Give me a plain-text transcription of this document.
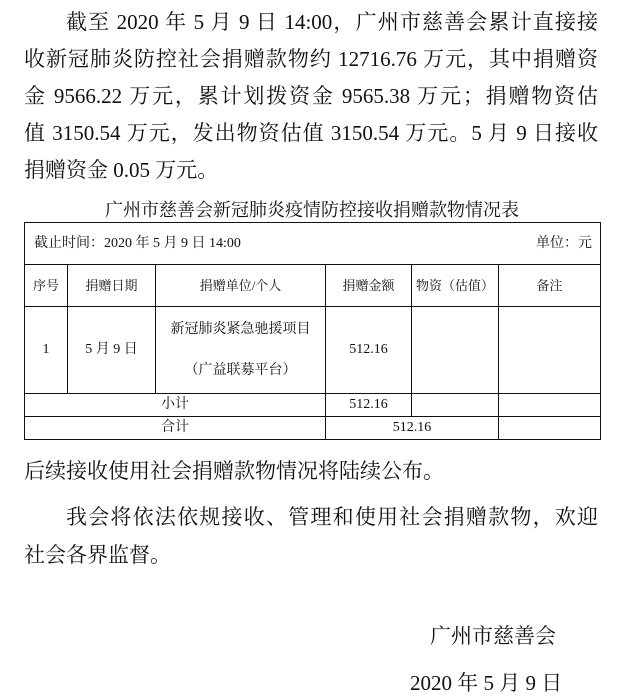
截至 2020 年 5 月 9 日 14:00，广州市慈善会累计直接接
收新冠肺炎防控社会捐赠款物约 12716.76 万元，其中捐赠资
金 9566.22 万元，累计划拨资金 9565.38 万元；捐赠物资估
值 3150.54 万元，发出物资估值 3150.54 万元。5 月 9 日接收
捐赠资金 0.05 万元。
广州市慈善会新冠肺炎疫情防控接收捐赠款物情况表
截止时间：2020 年 5 月 9 日 14:00 单位：元					

序号	捐赠日期	捐赠单位/个人	捐赠金额	物资（估值）	备注
1	5 月 9 日	新冠肺炎紧急驰援项目
（广益联募平台）	512.16		
小计			512.16		
合计			512.16		
后续接收使用社会捐赠款物情况将陆续公布。
我会将依法依规接收、管理和使用社会捐赠款物，欢迎
社会各界监督。
广州市慈善会
2020 年 5 月 9 日
